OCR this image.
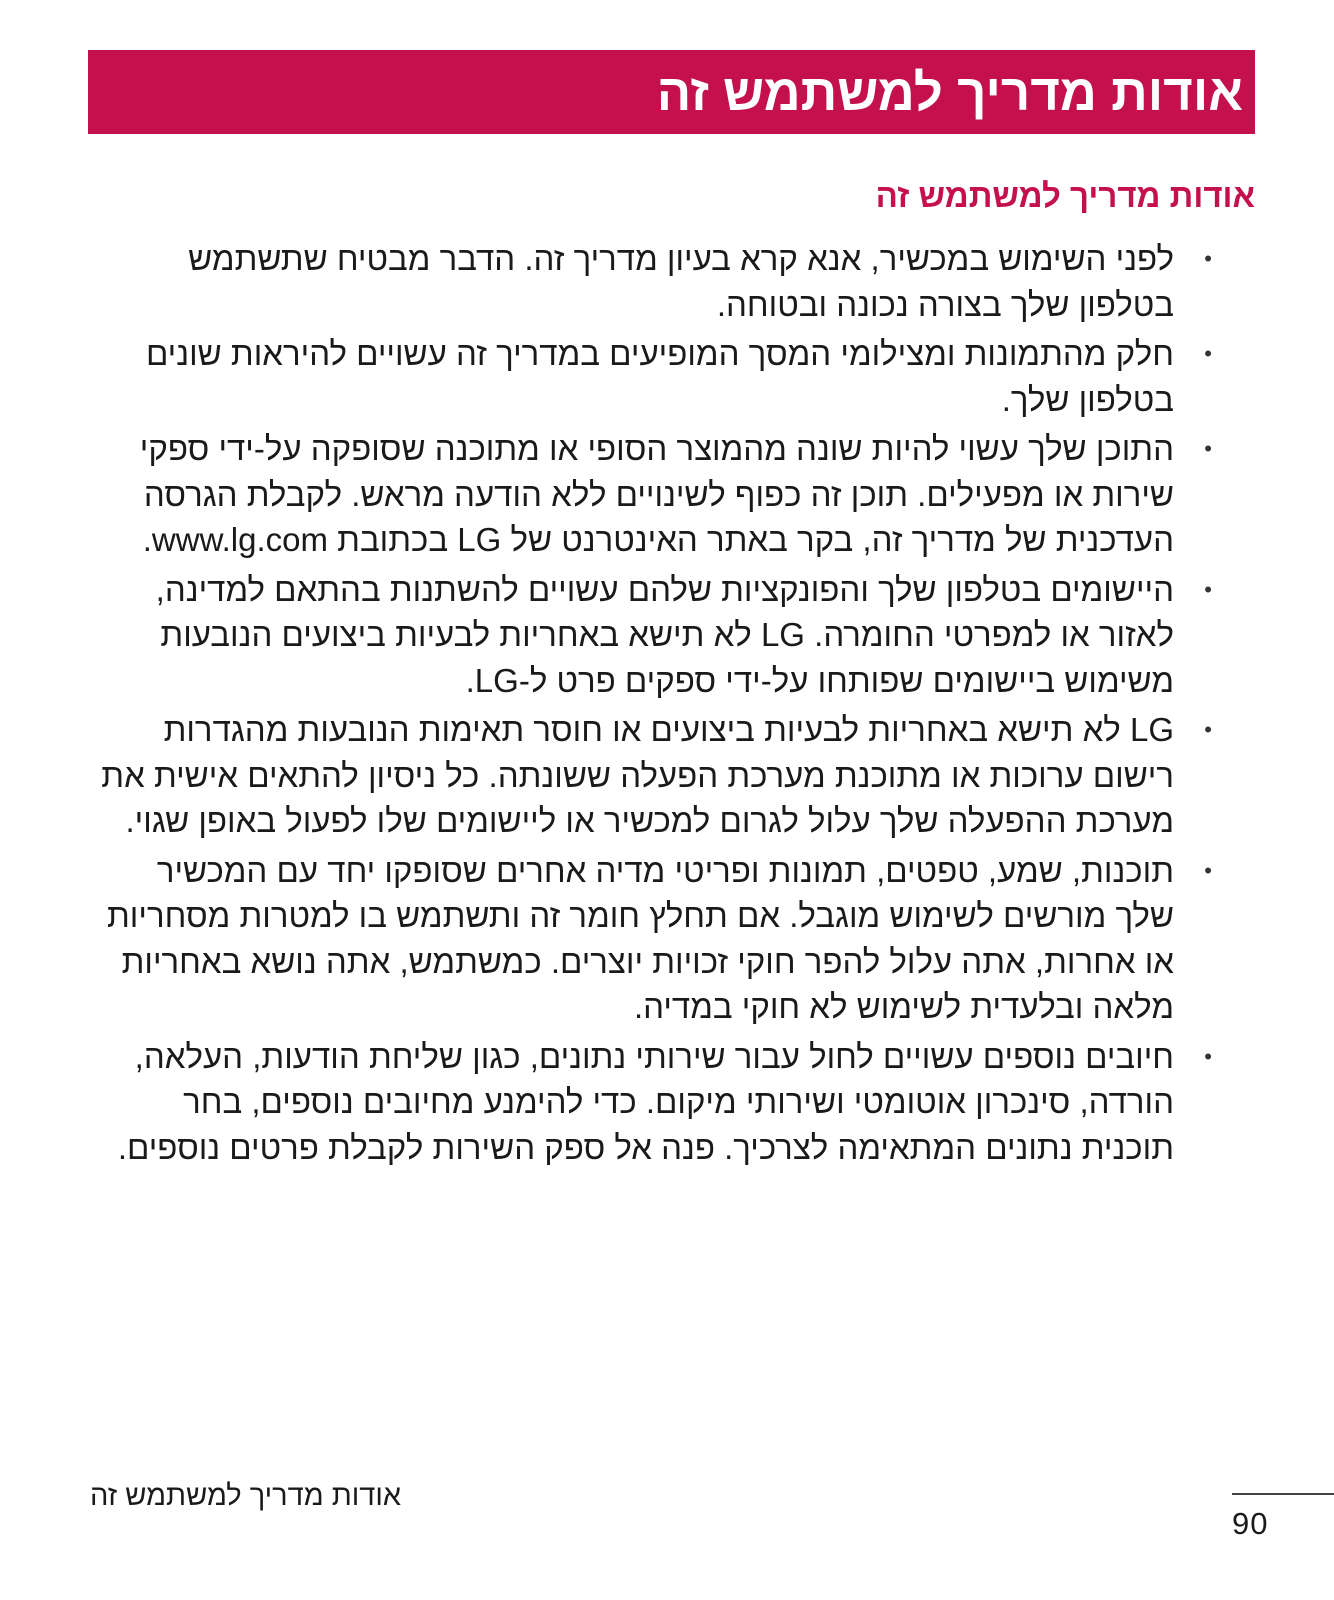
אודות מדריך למשתמש זה
אודות מדריך למשתמש זה
•
לפני השימוש במכשיר, אנא קרא בעיון מדריך זה. הדבר מבטיח שתשתמש בטלפון שלך בצורה נכונה ובטוחה.
•
חלק מהתמונות ומצילומי המסך המופיעים במדריך זה עשויים להיראות שונים בטלפון שלך.
•
התוכן שלך עשוי להיות שונה מהמוצר הסופי או מתוכנה שסופקה על-ידי ספקי שירות או מפעילים. תוכן זה כפוף לשינויים ללא הודעה מראש. לקבלת הגרסה העדכנית של מדריך זה, בקר באתר האינטרנט של LG בכתובת www.lg.com.
•
היישומים בטלפון שלך והפונקציות שלהם עשויים להשתנות בהתאם למדינה, לאזור או למפרטי החומרה. LG לא תישא באחריות לבעיות ביצועים הנובעות משימוש ביישומים שפותחו על-ידי ספקים פרט ל-LG.
•
LG לא תישא באחריות לבעיות ביצועים או חוסר תאימות הנובעות מהגדרות רישום ערוכות או מתוכנת מערכת הפעלה ששונתה. כל ניסיון להתאים אישית את מערכת ההפעלה שלך עלול לגרום למכשיר או ליישומים שלו לפעול באופן שגוי.
•
תוכנות, שמע, טפטים, תמונות ופריטי מדיה אחרים שסופקו יחד עם המכשיר שלך מורשים לשימוש מוגבל. אם תחלץ חומר זה ותשתמש בו למטרות מסחריות או אחרות, אתה עלול להפר חוקי זכויות יוצרים. כמשתמש, אתה נושא באחריות מלאה ובלעדית לשימוש לא חוקי במדיה.
•
חיובים נוספים עשויים לחול עבור שירותי נתונים, כגון שליחת הודעות, העלאה, הורדה, סינכרון אוטומטי ושירותי מיקום. כדי להימנע מחיובים נוספים, בחר תוכנית נתונים המתאימה לצרכיך. פנה אל ספק השירות לקבלת פרטים נוספים.
אודות מדריך למשתמש זה
90
